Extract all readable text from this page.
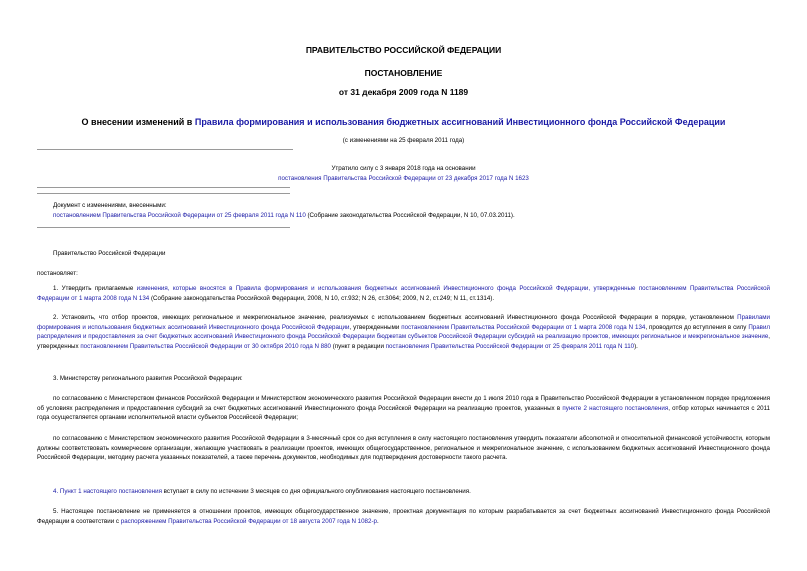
ПРАВИТЕЛЬСТВО РОССИЙСКОЙ ФЕДЕРАЦИИ
ПОСТАНОВЛЕНИЕ
от 31 декабря 2009 года N 1189
О внесении изменений в Правила формирования и использования бюджетных ассигнований Инвестиционного фонда Российской Федерации
(с изменениями на 25 февраля 2011 года)
Утратило силу с 3 января 2018 года на основании
постановления Правительства Российской Федерации от 23 декабря 2017 года N 1623
Документ с изменениями, внесенными:
постановлением Правительства Российской Федерации от 25 февраля 2011 года N 110 (Собрание законодательства Российской Федерации, N 10, 07.03.2011).
Правительство Российской Федерации
постановляет:
1. Утвердить прилагаемые изменения, которые вносятся в Правила формирования и использования бюджетных ассигнований Инвестиционного фонда Российской Федерации, утвержденные постановлением Правительства Российской Федерации от 1 марта 2008 года N 134 (Собрание законодательства Российской Федерации, 2008, N 10, ст.932; N 26, ст.3064; 2009, N 2, ст.249; N 11, ст.1314).
2. Установить, что отбор проектов, имеющих региональное и межрегиональное значение, реализуемых с использованием бюджетных ассигнований Инвестиционного фонда Российской Федерации в порядке, установленном Правилами формирования и использования бюджетных ассигнований Инвестиционного фонда Российской Федерации, утвержденными постановлением Правительства Российской Федерации от 1 марта 2008 года N 134, проводится до вступления в силу Правил распределения и предоставления за счет бюджетных ассигнований Инвестиционного фонда Российской Федерации бюджетам субъектов Российской Федерации субсидий на реализацию проектов, имеющих региональное и межрегиональное значение, утвержденных постановлением Правительства Российской Федерации от 30 октября 2010 года N 880 (пункт в редакции постановления Правительства Российской Федерации от 25 февраля 2011 года N 110).
3. Министерству регионального развития Российской Федерации:
по согласованию с Министерством финансов Российской Федерации и Министерством экономического развития Российской Федерации внести до 1 июля 2010 года в Правительство Российской Федерации в установленном порядке предложения об условиях распределения и предоставления субсидий за счет бюджетных ассигнований Инвестиционного фонда Российской Федерации на реализацию проектов, указанных в пункте 2 настоящего постановления, отбор которых начинается с 2011 года осуществляется органами исполнительной власти субъектов Российской Федерации;
по согласованию с Министерством экономического развития Российской Федерации в 3-месячный срок со дня вступления в силу настоящего постановления утвердить показатели абсолютной и относительной финансовой устойчивости, которым должны соответствовать коммерческие организации, желающие участвовать в реализации проектов, имеющих общегосударственное, региональное и межрегиональное значение, с использованием бюджетных ассигнований Инвестиционного фонда Российской Федерации, методику расчета указанных показателей, а также перечень документов, необходимых для подтверждения достоверности такого расчета.
4. Пункт 1 настоящего постановления вступает в силу по истечении 3 месяцев со дня официального опубликования настоящего постановления.
5. Настоящее постановление не применяется в отношении проектов, имеющих общегосударственное значение, проектная документация по которым разрабатывается за счет бюджетных ассигнований Инвестиционного фонда Российской Федерации в соответствии с распоряжением Правительства Российской Федерации от 18 августа 2007 года N 1082-р.
